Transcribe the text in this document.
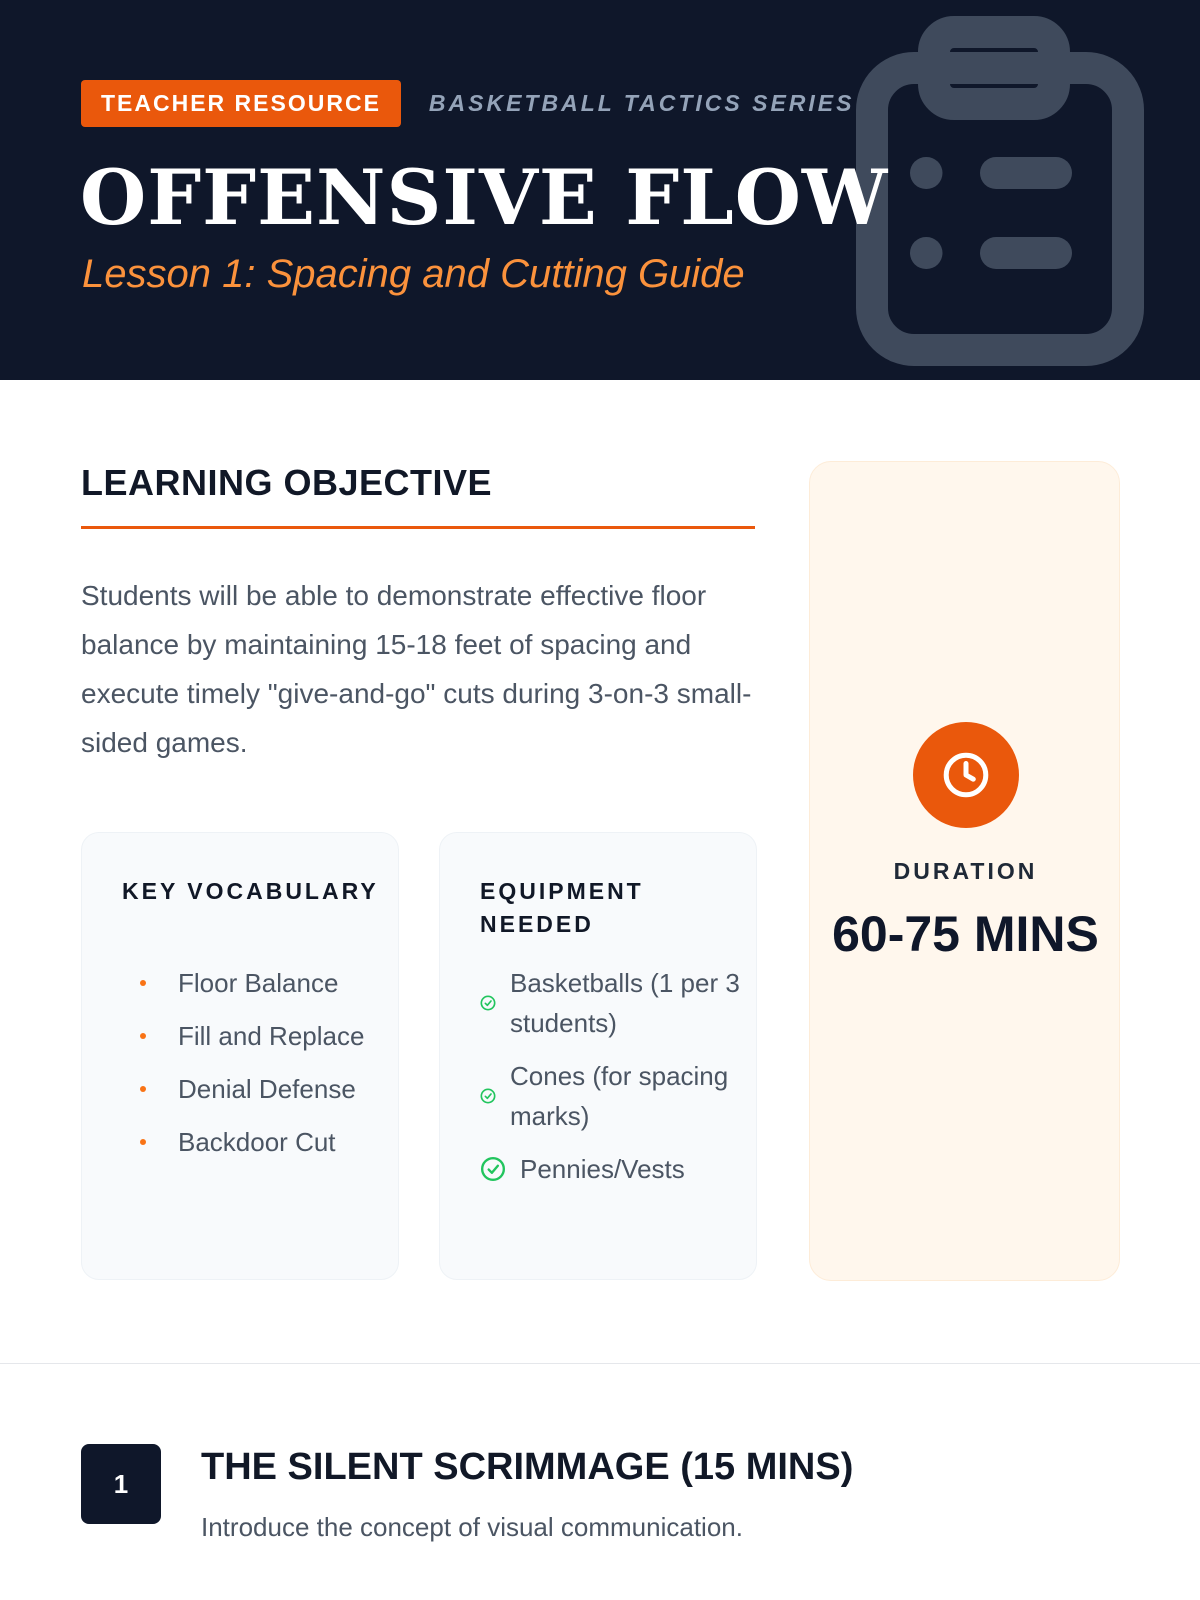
TEACHER RESOURCE	BASKETBALL TACTICS SERIES
OFFENSIVE FLOW
Lesson 1: Spacing and Cutting Guide
LEARNING OBJECTIVE

Students will be able to demonstrate effective floor balance by maintaining 15-18 feet of spacing and execute timely "give-and-go" cuts during 3-on-3 small-sided games.

KEY VOCABULARY
Floor Balance
Fill and Replace
Denial Defense
Backdoor Cut
EQUIPMENT NEEDED
Basketballs (1 per 3 students)
Cones (for spacing marks)
Pennies/Vests
DURATION
60-75 MINS
1	THE SILENT SCRIMMAGE (15 MINS)

Introduce the concept of visual communication.
